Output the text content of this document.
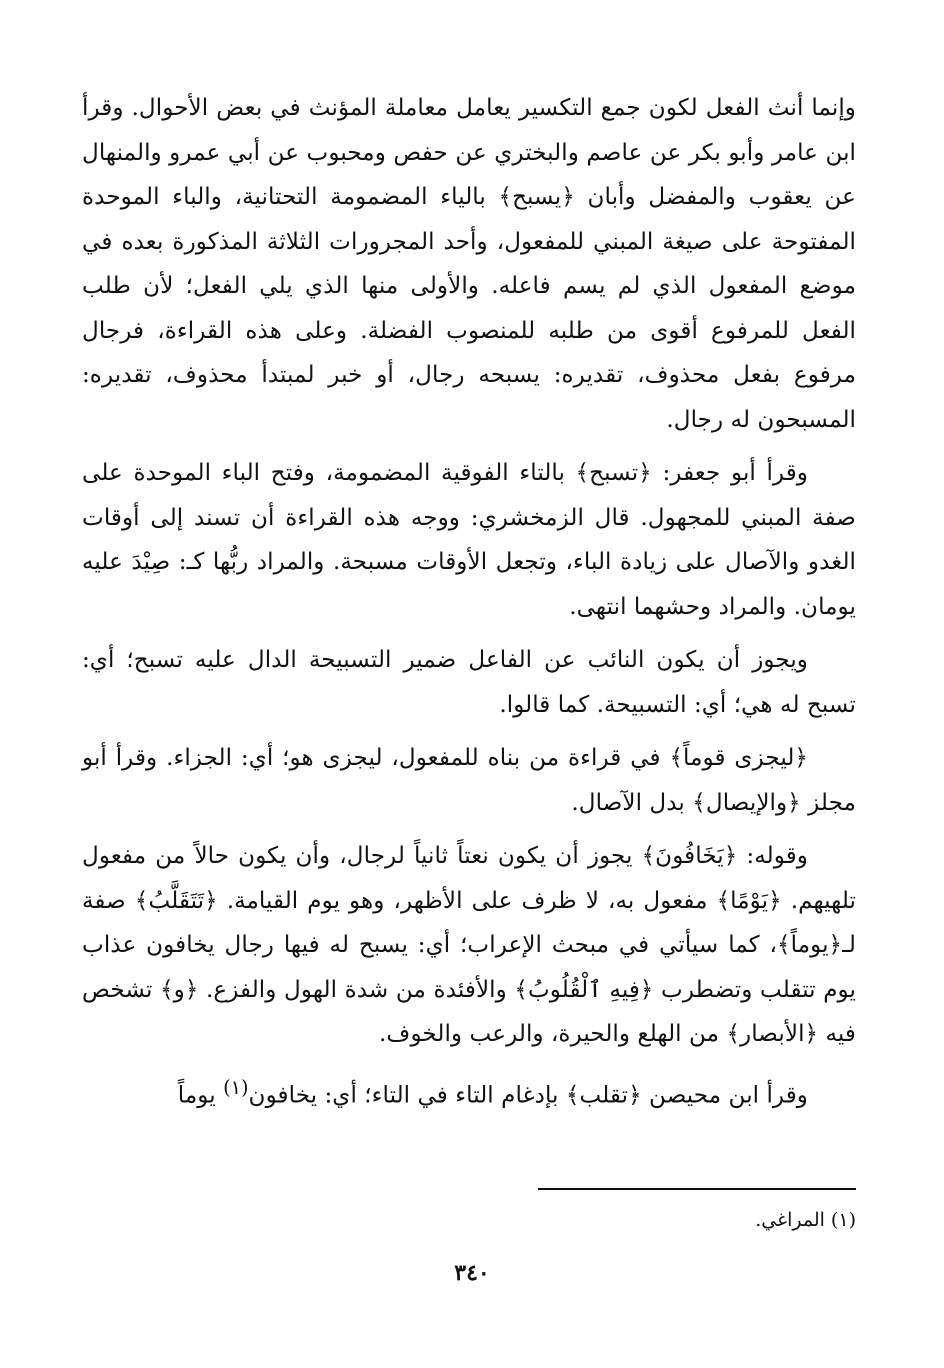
وإنما أنث الفعل لكون جمع التكسير يعامل معاملة المؤنث في بعض الأحوال. وقرأ ابن عامر وأبو بكر عن عاصم والبختري عن حفص ومحبوب عن أبي عمرو والمنهال عن يعقوب والمفضل وأبان ﴿يسبح﴾ بالياء المضمومة التحتانية، والباء الموحدة المفتوحة على صيغة المبني للمفعول، وأحد المجرورات الثلاثة المذكورة بعده في موضع المفعول الذي لم يسم فاعله. والأولى منها الذي يلي الفعل؛ لأن طلب الفعل للمرفوع أقوى من طلبه للمنصوب الفضلة. وعلى هذه القراءة، فرجال مرفوع بفعل محذوف، تقديره: يسبحه رجال، أو خبر لمبتدأ محذوف، تقديره: المسبحون له رجال.

وقرأ أبو جعفر: ﴿تسبح﴾ بالتاء الفوقية المضمومة، وفتح الباء الموحدة على صفة المبني للمجهول. قال الزمخشري: ووجه هذه القراءة أن تسند إلى أوقات الغدو والآصال على زيادة الباء، وتجعل الأوقات مسبحة. والمراد ربُّها كـ: صِيْدَ عليه يومان. والمراد وحشهما انتهى.

ويجوز أن يكون النائب عن الفاعل ضمير التسبيحة الدال عليه تسبح؛ أي: تسبح له هي؛ أي: التسبيحة. كما قالوا.

﴿ليجزى قوماً﴾ في قراءة من بناه للمفعول، ليجزى هو؛ أي: الجزاء. وقرأ أبو مجلز ﴿والإيصال﴾ بدل الآصال.

وقوله: ﴿يَخَافُونَ﴾ يجوز أن يكون نعتاً ثانياً لرجال، وأن يكون حالاً من مفعول تلهيهم. ﴿يَوْمًا﴾ مفعول به، لا ظرف على الأظهر، وهو يوم القيامة. ﴿تَتَقَلَّبُ﴾ صفة لـ﴿يوماً﴾، كما سيأتي في مبحث الإعراب؛ أي: يسبح له فيها رجال يخافون عذاب يوم تتقلب وتضطرب ﴿فِيهِ ٱلْقُلُوبُ﴾ والأفئدة من شدة الهول والفزع. ﴿و﴾ تشخص فيه ﴿الأبصار﴾ من الهلع والحيرة، والرعب والخوف.

وقرأ ابن محيصن ﴿تقلب﴾ بإدغام التاء في التاء؛ أي: يخافون$^{(١)}$ يوماً

(١) المراغي.
٣٤٠
